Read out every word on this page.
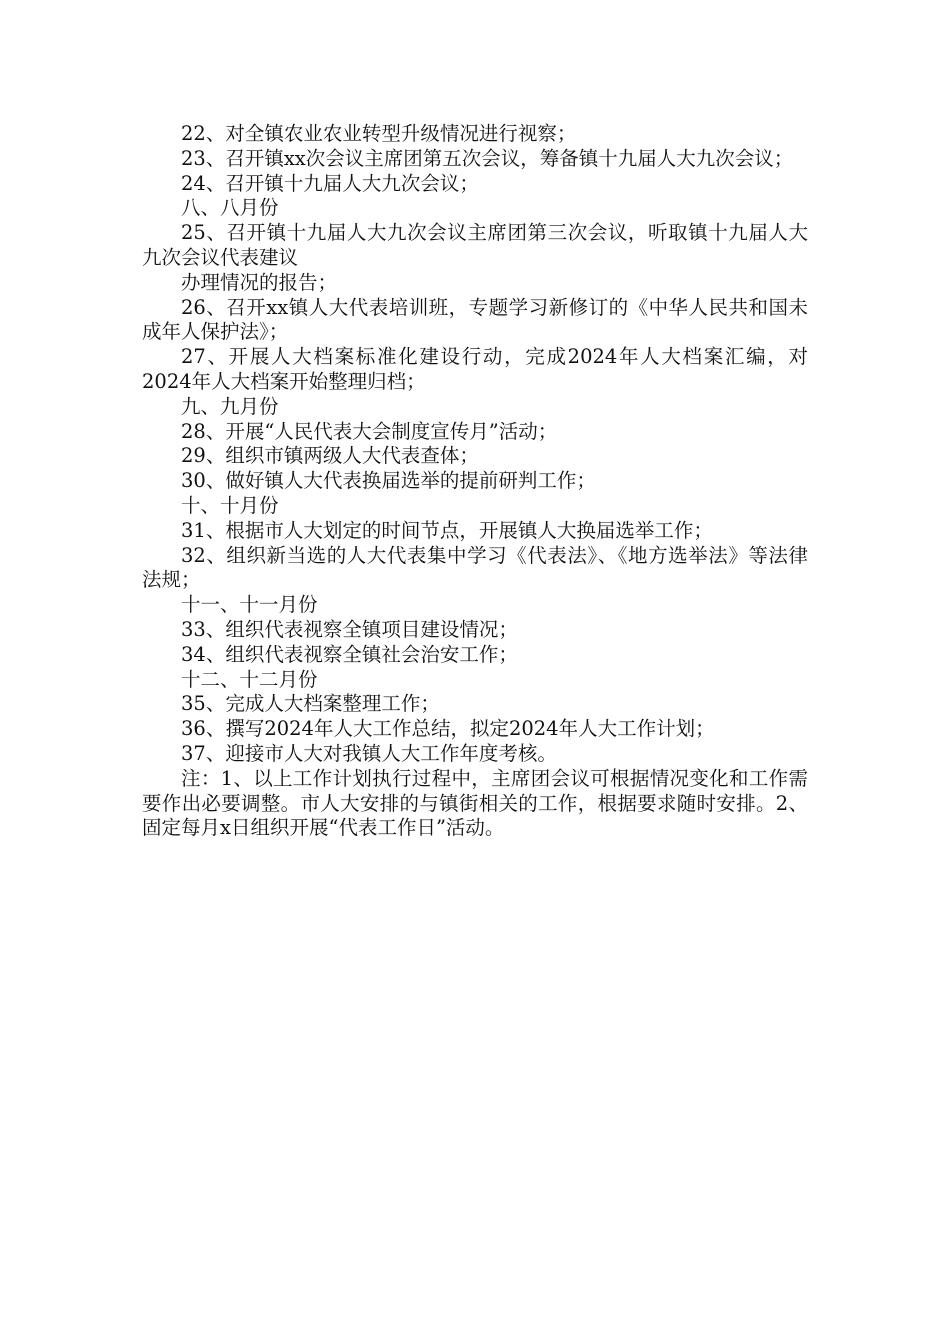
22、对全镇农业农业转型升级情况进行视察；

23、召开镇xx次会议主席团第五次会议，筹备镇十九届人大九次会议；

24、召开镇十九届人大九次会议；

八、八月份

25、召开镇十九届人大九次会议主席团第三次会议，听取镇十九届人大九次会议代表建议

办理情况的报告；

26、召开xx镇人大代表培训班，专题学习新修订的《中华人民共和国未成年人保护法》；

27、开展人大档案标准化建设行动，完成2024年人大档案汇编，对2024年人大档案开始整理归档；

九、九月份

28、开展“人民代表大会制度宣传月”活动；

29、组织市镇两级人大代表查体；

30、做好镇人大代表换届选举的提前研判工作；

十、十月份

31、根据市人大划定的时间节点，开展镇人大换届选举工作；

32、组织新当选的人大代表集中学习《代表法》、《地方选举法》等法律法规；

十一、十一月份

33、组织代表视察全镇项目建设情况；

34、组织代表视察全镇社会治安工作；

十二、十二月份

35、完成人大档案整理工作；

36、撰写2024年人大工作总结，拟定2024年人大工作计划；

37、迎接市人大对我镇人大工作年度考核。

注：1、以上工作计划执行过程中，主席团会议可根据情况变化和工作需要作出必要调整。市人大安排的与镇街相关的工作，根据要求随时安排。2、固定每月x日组织开展“代表工作日”活动。
